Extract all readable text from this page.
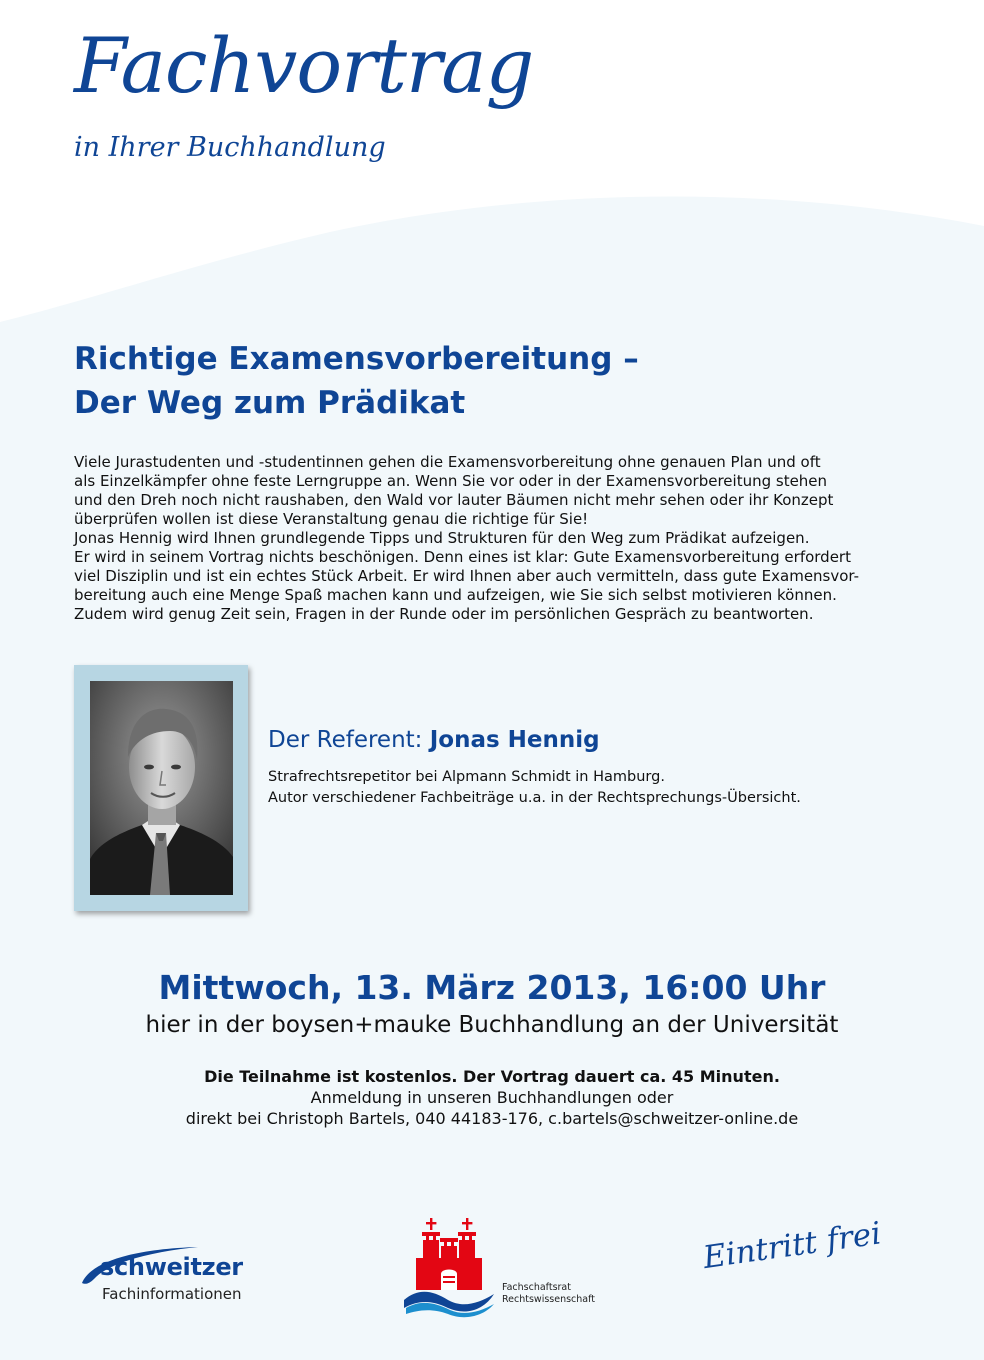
Fachvortrag
in Ihrer Buchhandlung
Richtige Examensvorbereitung –
Der Weg zum Prädikat
Viele Jurastudenten und -studentinnen gehen die Examensvorbereitung ohne genauen Plan und oft
als Einzelkämpfer ohne feste Lerngruppe an. Wenn Sie vor oder in der Examensvorbereitung stehen
und den Dreh noch nicht raushaben, den Wald vor lauter Bäumen nicht mehr sehen oder ihr Konzept
überprüfen wollen ist diese Veranstaltung genau die richtige für Sie!
Jonas Hennig wird Ihnen grundlegende Tipps und Strukturen für den Weg zum Prädikat aufzeigen.
Er wird in seinem Vortrag nichts beschönigen. Denn eines ist klar: Gute Examensvorbereitung erfordert
viel Disziplin und ist ein echtes Stück Arbeit. Er wird Ihnen aber auch vermitteln, dass gute Examensvor-
bereitung auch eine Menge Spaß machen kann und aufzeigen, wie Sie sich selbst motivieren können.
Zudem wird genug Zeit sein, Fragen in der Runde oder im persönlichen Gespräch zu beantworten.
Der Referent: Jonas Hennig
Strafrechtsrepetitor bei Alpmann Schmidt in Hamburg.
Autor verschiedener Fachbeiträge u.a. in der Rechtsprechungs-Übersicht.
Mittwoch, 13. März 2013, 16:00 Uhr
hier in der boysen+mauke Buchhandlung an der Universität
Die Teilnahme ist kostenlos. Der Vortrag dauert ca. 45 Minuten.
Anmeldung in unseren Buchhandlungen oder
direkt bei Christoph Bartels, 040 44183-176, c.bartels@schweitzer-online.de
schweitzer
Fachinformationen	Fachschaftsrat
Rechtswissenschaft
Eintritt frei
